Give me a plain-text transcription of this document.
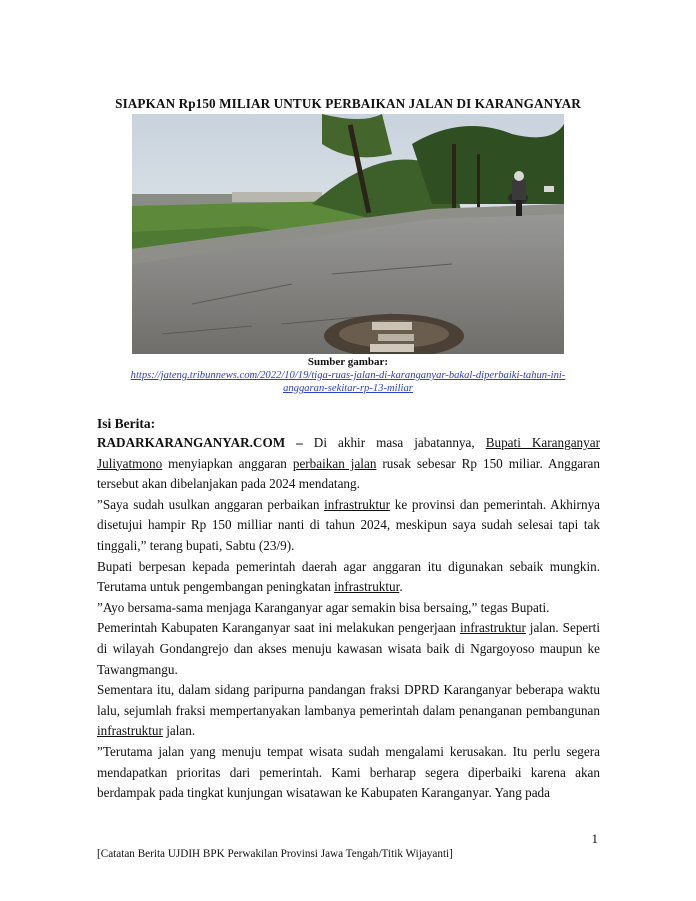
SIAPKAN Rp150 MILIAR UNTUK PERBAIKAN JALAN DI KARANGANYAR
Sumber gambar:
https://jateng.tribunnews.com/2022/10/19/tiga-ruas-jalan-di-karanganyar-bakal-diperbaiki-tahun-ini-anggaran-sekitar-rp-13-miliar
Isi Berita:

RADARKARANGANYAR.COM – Di akhir masa jabatannya, Bupati Karanganyar Juliyatmono menyiapkan anggaran perbaikan jalan rusak sebesar Rp 150 miliar. Anggaran tersebut akan dibelanjakan pada 2024 mendatang.

”Saya sudah usulkan anggaran perbaikan infrastruktur ke provinsi dan pemerintah. Akhirnya disetujui hampir Rp 150 milliar nanti di tahun 2024, meskipun saya sudah selesai tapi tak tinggali,” terang bupati, Sabtu (23/9).

Bupati berpesan kepada pemerintah daerah agar anggaran itu digunakan sebaik mungkin. Terutama untuk pengembangan peningkatan infrastruktur.

”Ayo bersama-sama menjaga Karanganyar agar semakin bisa bersaing,” tegas Bupati.

Pemerintah Kabupaten Karanganyar saat ini melakukan pengerjaan infrastruktur jalan. Seperti di wilayah Gondangrejo dan akses menuju kawasan wisata baik di Ngargoyoso maupun ke Tawangmangu.

Sementara itu, dalam sidang paripurna pandangan fraksi DPRD Karanganyar beberapa waktu lalu, sejumlah fraksi mempertanyakan lambanya pemerintah dalam penanganan pembangunan infrastruktur jalan.

”Terutama jalan yang menuju tempat wisata sudah mengalami kerusakan. Itu perlu segera mendapatkan prioritas dari pemerintah. Kami berharap segera diperbaiki karena akan berdampak pada tingkat kunjungan wisatawan ke Kabupaten Karanganyar. Yang pada

1
[Catatan Berita UJDIH BPK Perwakilan Provinsi Jawa Tengah/Titik Wijayanti]
